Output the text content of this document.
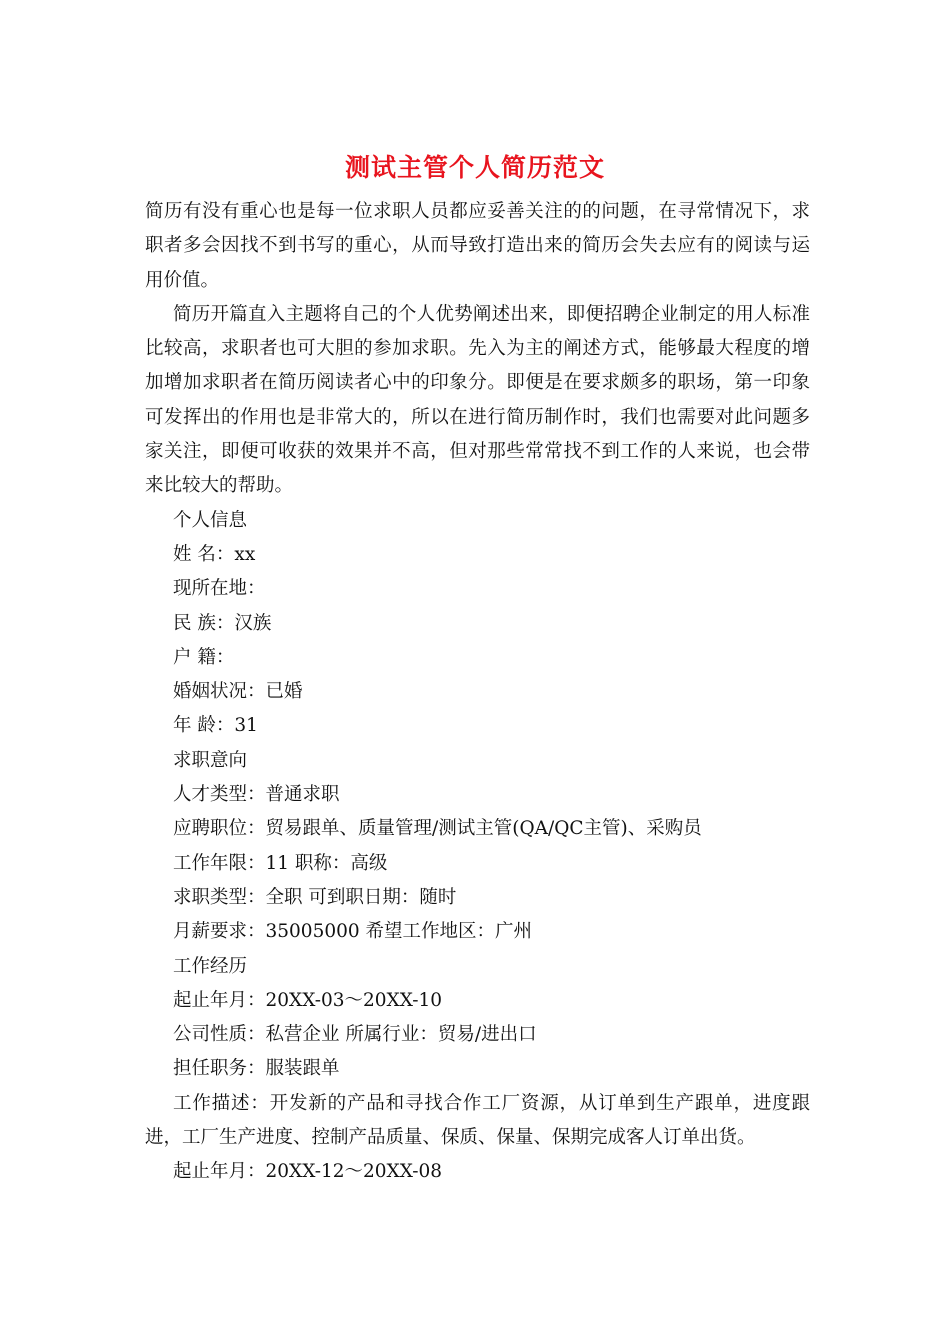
测试主管个人简历范文

简历有没有重心也是每一位求职人员都应妥善关注的的问题，在寻常情况下，求职者多会因找不到书写的重心，从而导致打造出来的简历会失去应有的阅读与运用价值。

简历开篇直入主题将自己的个人优势阐述出来，即便招聘企业制定的用人标准比较高，求职者也可大胆的参加求职。先入为主的阐述方式，能够最大程度的增加增加求职者在简历阅读者心中的印象分。即便是在要求颇多的职场，第一印象可发挥出的作用也是非常大的，所以在进行简历制作时，我们也需要对此问题多家关注，即便可收获的效果并不高，但对那些常常找不到工作的人来说，也会带来比较大的帮助。

个人信息

姓 名：xx

现所在地：

民 族：汉族

户 籍：

婚姻状况：已婚

年 龄：31

求职意向

人才类型：普通求职

应聘职位：贸易跟单、质量管理/测试主管(QA/QC主管)、采购员

工作年限：11 职称：高级

求职类型：全职 可到职日期：随时

月薪要求：35005000 希望工作地区：广州

工作经历

起止年月：20XX-03～20XX-10

公司性质：私营企业 所属行业：贸易/进出口

担任职务：服装跟单

工作描述：开发新的产品和寻找合作工厂资源，从订单到生产跟单，进度跟进，工厂生产进度、控制产品质量、保质、保量、保期完成客人订单出货。

起止年月：20XX-12～20XX-08
